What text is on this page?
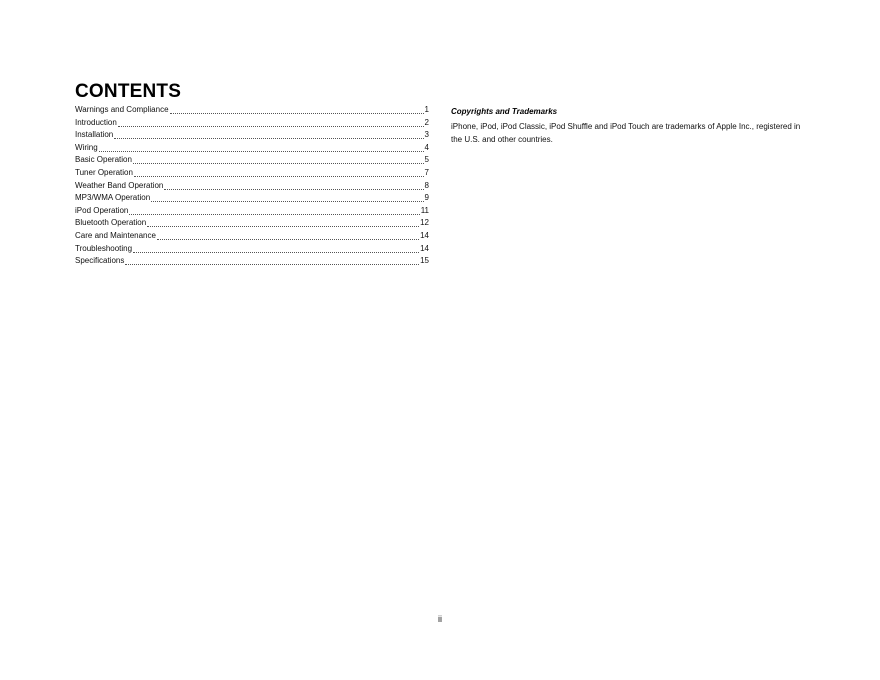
CONTENTS
Warnings and Compliance	1
Introduction	2
Installation	3
Wiring	4
Basic Operation	5
Tuner Operation	7
Weather Band Operation	8
MP3/WMA Operation	9
iPod Operation	11
Bluetooth Operation	12
Care and Maintenance	14
Troubleshooting	14
Specifications	15
Copyrights and Trademarks
iPhone, iPod, iPod Classic, iPod Shuffle and iPod Touch are trademarks of Apple Inc., registered in the U.S. and other countries.
ii
